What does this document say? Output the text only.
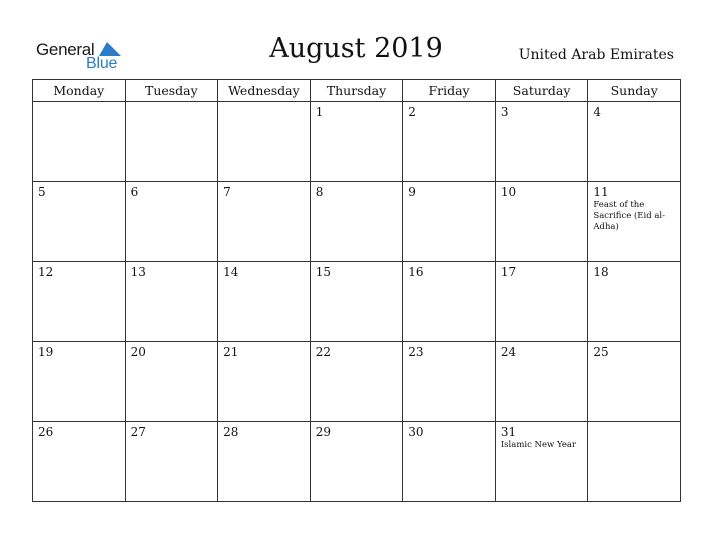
General
Blue	August 2019	United Arab Emirates
Monday	Tuesday	Wednesday	Thursday	Friday	Saturday	Sunday

			1	2	3	4

5	6	7	8	9	10	11
Feast of the Sacrifice (Eid al-Adha)

12	13	14	15	16	17	18

19	20	21	22	23	24	25

26	27	28	29	30	31
Islamic New Year	
